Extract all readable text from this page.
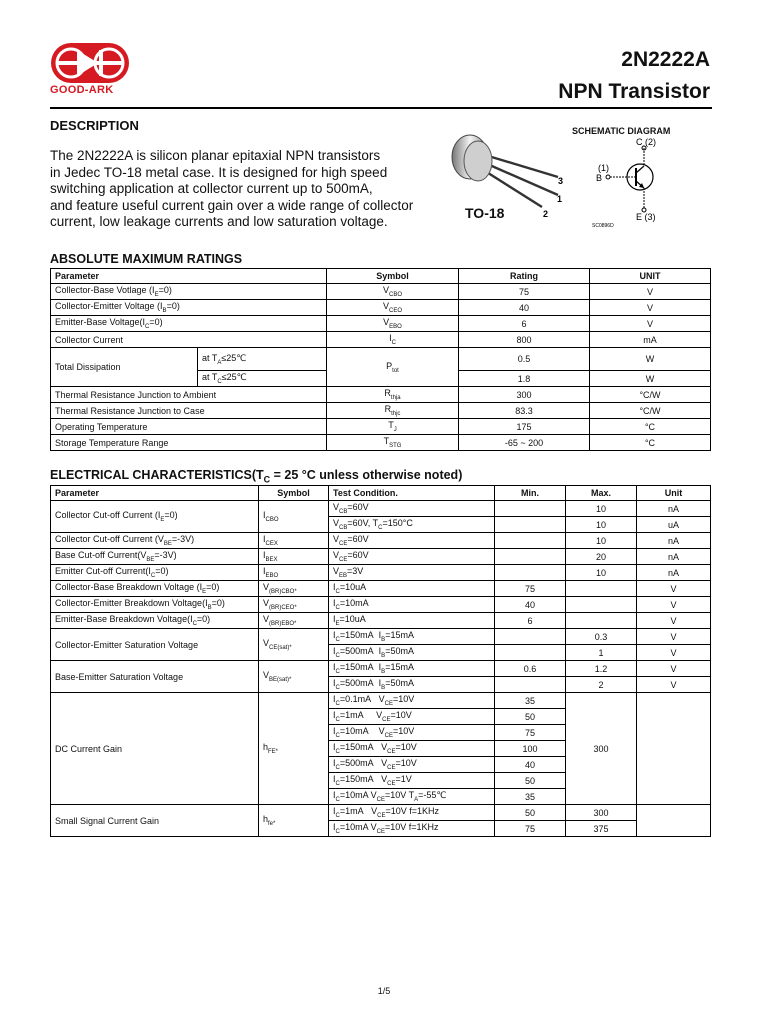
GOOD-ARK
2N2222A
NPN Transistor
DESCRIPTION

The 2N2222A is silicon planar epitaxial NPN transistors
in Jedec TO-18 metal case. It is designed for high speed
switching application at collector current up to 500mA,
and feature useful current gain over a wide range of collector
current, low leakage currents and low saturation voltage.

3
1
2
TO-18
SCHEMATIC DIAGRAM
C (2)
(1)
B
E (3)
SC0896D
ABSOLUTE MAXIMUM RATINGS
Parameter		Symbol	Rating	UNIT
Collector-Base Votlage $(I_E=0)$		$V_{CBO}$	75	V
Collector-Emitter Voltage $(I_B=0)$		$V_{CEO}$	40	V
Emitter-Base $Voltage(I_C=0)$		$V_{EBO}$	6	V
Collector Current		$I_C$	800	mA
Total Dissipation	at $T_A\le 25℃$	$P_{tot}$	0.5	W
	at $T_C\le 25℃$		1.8	W
Thermal Resistance Junction to Ambient		$R_{thja}$	300	°C/W
Thermal Resistance Junction to Case		$R_{thjc}$	83.3	°C/W
Operating Temperature		$T_J$	175	°C
Storage Temperature Range		$T_{STG}$	-65 ~ 200	°C
ELECTRICAL $CHARACTERISTICS(T_C = 25$ °C unless otherwise noted)
Parameter	Symbol	Test Condition.	Min.	Max.	Unit
Collector Cut-off Current $(I_E=0)$	$I_{CBO}$	$V_{CB}=60V$		10	nA
		$V_{CB}=60V$, $T_C=150^\circ C$		10	uA
Collector Cut-off Current $(V_{BE}=-3V)$	$I_{CEX}$	$V_{CE}=60V$		10	nA
Base Cut-off $Current(V_{BE}=-3V)$	$I_{BEX}$	$V_{CE}=60V$		20	nA
Emitter Cut-off $Current(I_C=0)$	$I_{EBO}$	$V_{EB}=3V$		10	nA
Collector-Base Breakdown Voltage $(I_E=0)$	$V_{(BR)CBO*}$	$I_C=10uA$	75		V
Collector-Emitter Breakdown $Voltage(I_B=0)$	$V_{(BR)CEO*}$	$I_C=10mA$	40		V
Emitter-Base Breakdown $Voltage(I_C=0)$	$V_{(BR)EBO*}$	$I_E=10uA$	6		V
Collector-Emitter Saturation Voltage	$V_{CE(sat)*}$	$I_C=150mA$ $I_B=15mA$		0.3	V
		$I_C=500mA$ $I_B=50mA$		1	V
Base-Emitter Saturation Voltage	$V_{BE(sat)*}$	$I_C=150mA$ $I_B=15mA$	0.6	1.2	V
		$I_C=500mA$ $I_B=50mA$		2	V
DC Current Gain	$h_{FE*}$	$I_C=0.1mA$ $V_{CE}=10V$	35	300	
		$I_C=1mA$ $V_{CE}=10V$	50		
		$I_C=10mA$ $V_{CE}=10V$	75		
		$I_C=150mA$ $V_{CE}=10V$	100		
		$I_C=500mA$ $V_{CE}=10V$	40		
		$I_C=150mA$ $V_{CE}=1V$	50		
		$I_C=10mA$ $V_{CE}=10V$ $T_A=-55℃$	35		
Small Signal Current Gain	$h_{fe*}$	$I_C=1mA$ $V_{CE}=10V$ f=1KHz	50	300	
		$I_C=10mA$ $V_{CE}=10V$ f=1KHz	75	375	
1/5
